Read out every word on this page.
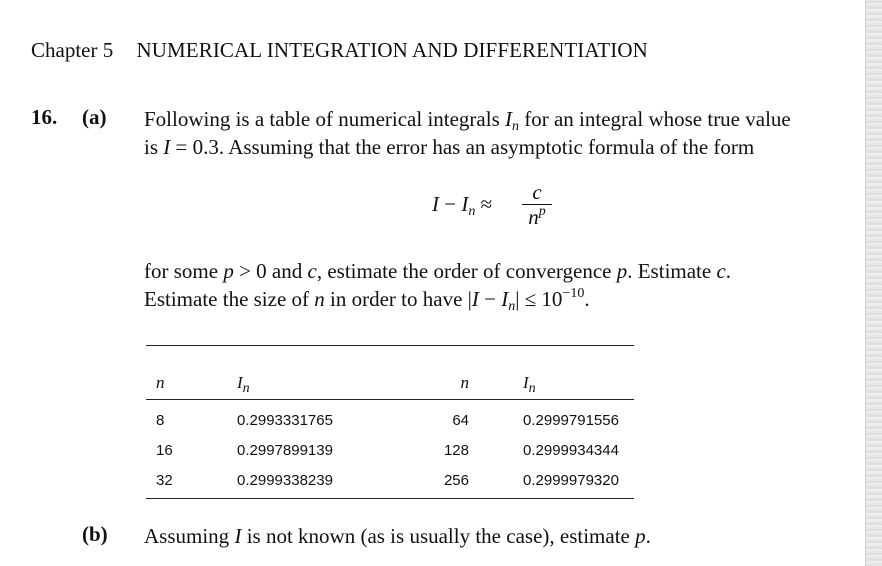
Chapter 5 NUMERICAL INTEGRATION AND DIFFERENTIATION
16. (a) Following is a table of numerical integrals $I_n$ for an integral whose true value
is I = 0.3. Assuming that the error has an asymptotic formula of the form
$I - I_n$ ≈	c
$n^p$
for some p > 0 and c, estimate the order of convergence p. Estimate c.
Estimate the size of n in order to have $|I - I_n| \le 10^{-10}$.
n	$I_n$	n	$I_n$
8	0.2993331765	64	0.2999791556
16	0.2997899139	128	0.2999934344
32	0.2999338239	256	0.2999979320
(b) Assuming I is not known (as is usually the case), estimate p.
